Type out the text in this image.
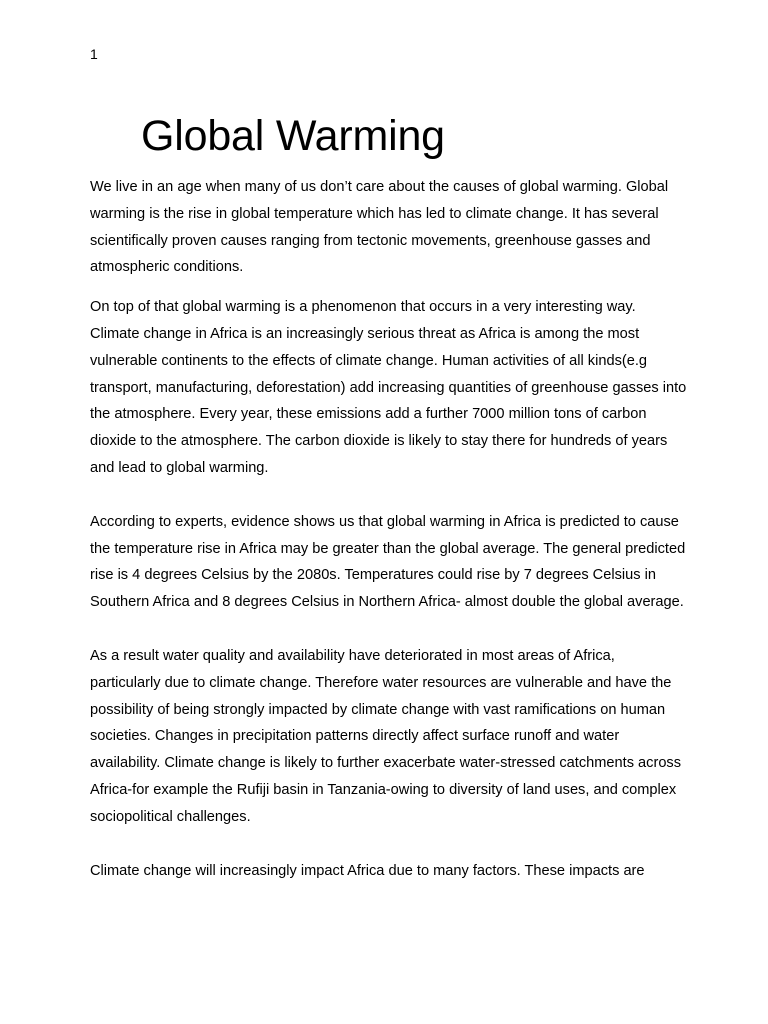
1
Global Warming

We live in an age when many of us don’t care about the causes of global warming. Global warming is the rise in global temperature which has led to climate change. It has several scientifically proven causes ranging from tectonic movements, greenhouse gasses and atmospheric conditions.

On top of that global warming is a phenomenon that occurs in a very interesting way. Climate change in Africa is an increasingly serious threat as Africa is among the most vulnerable continents to the effects of climate change. Human activities of all kinds(e.g transport, manufacturing, deforestation) add increasing quantities of greenhouse gasses into the atmosphere. Every year, these emissions add a further 7000 million tons of carbon dioxide to the atmosphere. The carbon dioxide is likely to stay there for hundreds of years and lead to global warming.

According to experts, evidence shows us that global warming in Africa is predicted to cause the temperature rise in Africa may be greater than the global average. The general predicted rise is 4 degrees Celsius by the 2080s. Temperatures could rise by 7 degrees Celsius in Southern Africa and 8 degrees Celsius in Northern Africa- almost double the global average.

As a result water quality and availability have deteriorated in most areas of Africa, particularly due to climate change. Therefore water resources are vulnerable and have the possibility of being strongly impacted by climate change with vast ramifications on human societies. Changes in precipitation patterns directly affect surface runoff and water availability. Climate change is likely to further exacerbate water-stressed catchments across Africa-for example the Rufiji basin in Tanzania-owing to diversity of land uses, and complex sociopolitical challenges.

Climate change will increasingly impact Africa due to many factors. These impacts are
